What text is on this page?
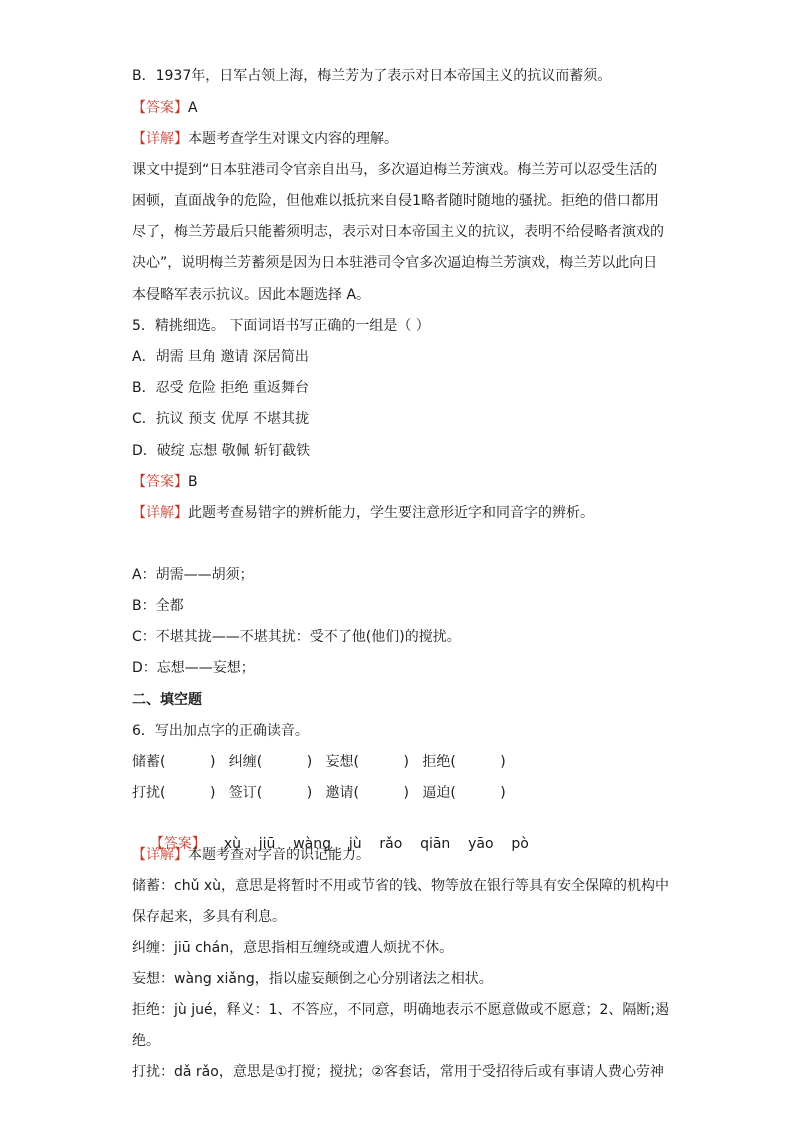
B．1937年，日军占领上海，梅兰芳为了表示对日本帝国主义的抗议而蓄须。
【答案】A
【详解】本题考查学生对课文内容的理解。
课文中提到“日本驻港司令官亲自出马，多次逼迫梅兰芳演戏。梅兰芳可以忍受生活的
困顿，直面战争的危险，但他难以抵抗来自侵1略者随时随地的骚扰。拒绝的借口都用
尽了，梅兰芳最后只能蓄须明志，表示对日本帝国主义的抗议，表明不给侵略者演戏的
决心”，说明梅兰芳蓄须是因为日本驻港司令官多次逼迫梅兰芳演戏，梅兰芳以此向日
本侵略军表示抗议。因此本题选择 A。
5．精挑细选。 下面词语书写正确的一组是（ ）
A．胡需 旦角 邀请 深居简出
B．忍受 危险 拒绝 重返舞台
C．抗议 预支 优厚 不堪其拢
D．破绽 忘想 敬佩 斩钉截铁
【答案】B
【详解】此题考查易错字的辨析能力，学生要注意形近字和同音字的辨析。
A：胡需——胡须；
B：全都
C：不堪其拢——不堪其扰：受不了他(他们)的搅扰。
D：忘想——妄想；
二、填空题
6．写出加点字的正确读音。
储蓄(          )   纠缠(          )   妄想(          )   拒绝(          )
打扰(          )   签订(          )   邀请(          )   逼迫(          )

【答案】 xù    jiū    wàng    jù    rǎo    qiān    yāo    pò

【详解】本题考查对字音的识记能力。
储蓄：chǔ xù，意思是将暂时不用或节省的钱、物等放在银行等具有安全保障的机构中
保存起来，多具有利息。
纠缠：jiū chán，意思指相互缠绕或遭人烦扰不休。
妄想：wàng xiǎng，指以虚妄颠倒之心分别诸法之相状。
拒绝：jù jué，释义：1、不答应，不同意，明确地表示不愿意做或不愿意；2、隔断;遏
绝。
打扰：dǎ rǎo，意思是①打搅；搅扰；②客套话，常用于受招待后或有事请人费心劳神
